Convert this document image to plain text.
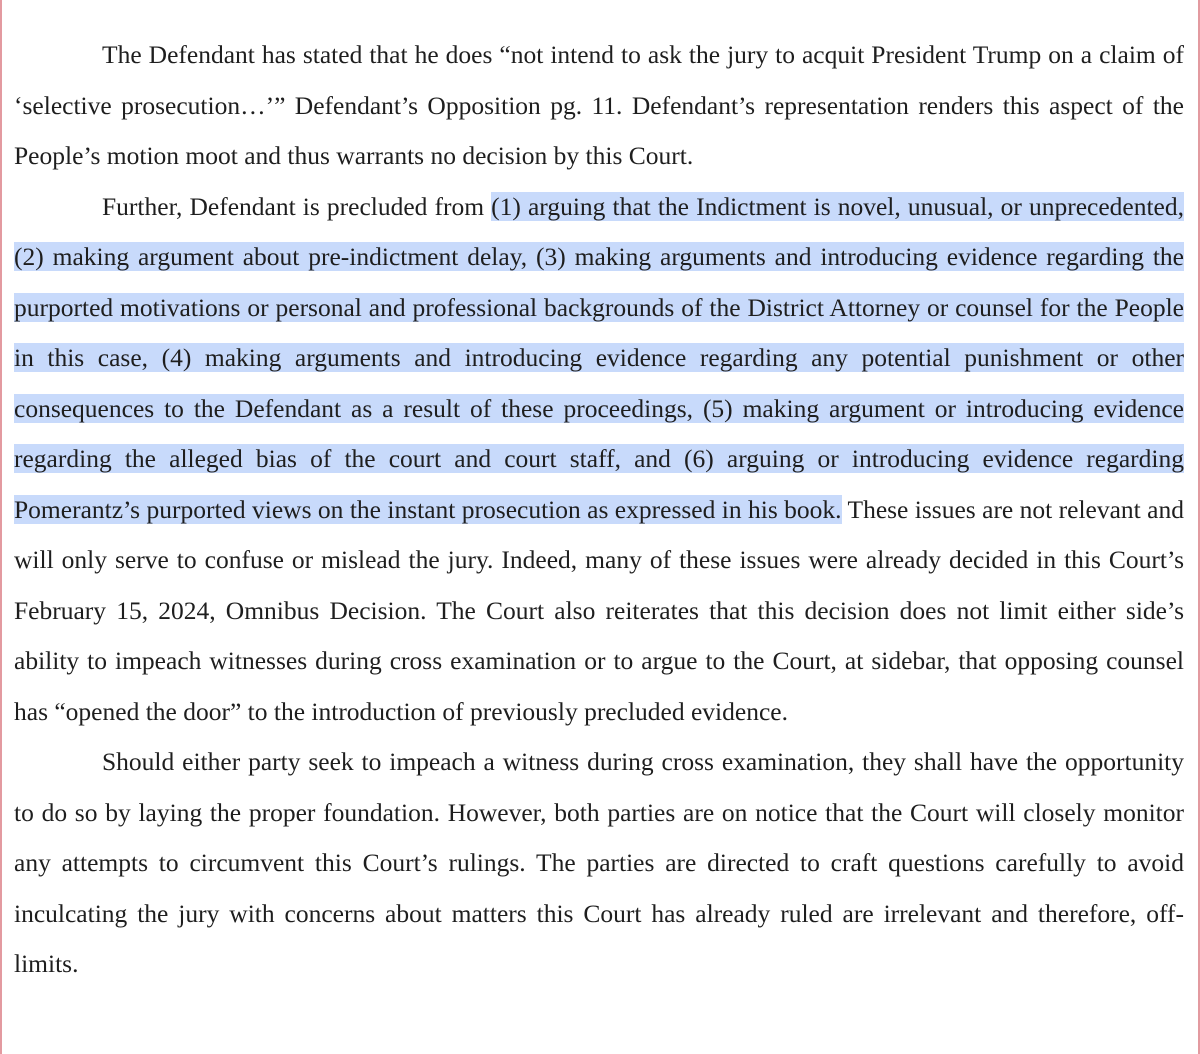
The Defendant has stated that he does “not intend to ask the jury to acquit President Trump on a claim of ‘selective prosecution…’” Defendant’s Opposition pg. 11. Defendant’s representation renders this aspect of the People’s motion moot and thus warrants no decision by this Court.

Further, Defendant is precluded from (1) arguing that the Indictment is novel, unusual, or unprecedented, (2) making argument about pre-indictment delay, (3) making arguments and introducing evidence regarding the purported motivations or personal and professional backgrounds of the District Attorney or counsel for the People in this case, (4) making arguments and introducing evidence regarding any potential punishment or other consequences to the Defendant as a result of these proceedings, (5) making argument or introducing evidence regarding the alleged bias of the court and court staff, and (6) arguing or introducing evidence regarding Pomerantz’s purported views on the instant prosecution as expressed in his book. These issues are not relevant and will only serve to confuse or mislead the jury. Indeed, many of these issues were already decided in this Court’s February 15, 2024, Omnibus Decision. The Court also reiterates that this decision does not limit either side’s ability to impeach witnesses during cross examination or to argue to the Court, at sidebar, that opposing counsel has “opened the door” to the introduction of previously precluded evidence.

Should either party seek to impeach a witness during cross examination, they shall have the opportunity to do so by laying the proper foundation. However, both parties are on notice that the Court will closely monitor any attempts to circumvent this Court’s rulings. The parties are directed to craft questions carefully to avoid inculcating the jury with concerns about matters this Court has already ruled are irrelevant and therefore, off-limits.
